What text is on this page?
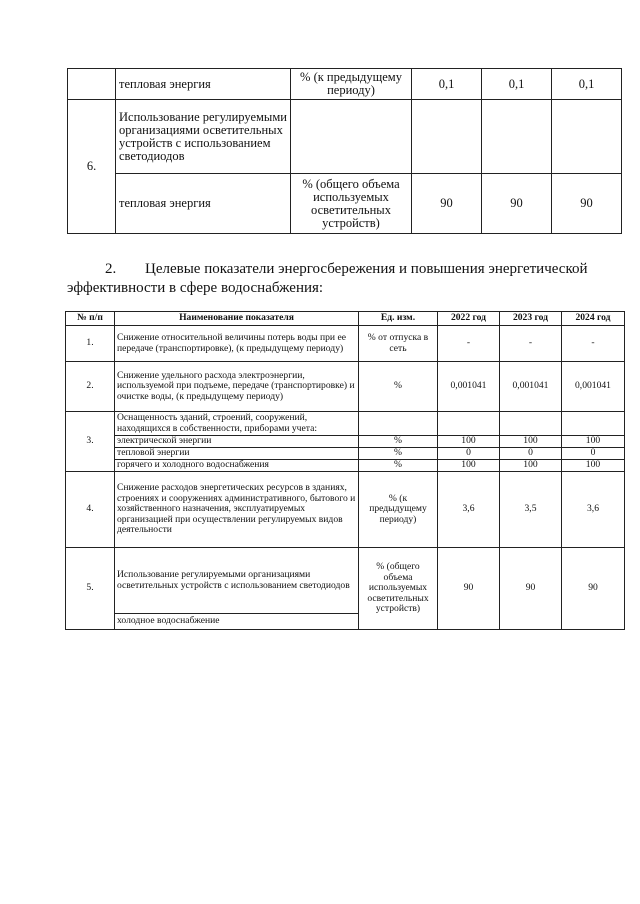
	тепловая энергия	% (к предыдущему периоду)	0,1	0,1	0,1
6.	Использование регулируемыми организациями осветительных устройств с использованием светодиодов				
	тепловая энергия	% (общего объема используемых осветительных устройств)	90	90	90
2. Целевые показатели энергосбережения и повышения энергетической эффективности в сфере водоснабжения:
№ п/п	Наименование показателя	Ед. изм.	2022 год	2023 год	2024 год
1.	Снижение относительной величины потерь воды при ее передаче (транспортировке), (к предыдущему периоду)	% от отпуска в сеть	-	-	-
2.	Снижение удельного расхода электроэнергии, используемой при подъеме, передаче (транспортировке) и очистке воды, (к предыдущему периоду)	%	0,001041	0,001041	0,001041
3.	Оснащенность зданий, строений, сооружений, находящихся в собственности, приборами учета:				
	электрической энергии	%	100	100	100
	тепловой энергии	%	0	0	0
	горячего и холодного водоснабжения	%	100	100	100
4.	Снижение расходов энергетических ресурсов в зданиях, строениях и сооружениях административного, бытового и хозяйственного назначения, эксплуатируемых организацией при осуществлении регулируемых видов деятельности	% (к предыдущему периоду)	3,6	3,5	3,6
5.	Использование регулируемыми организациями осветительных устройств с использованием светодиодов	% (общего объема используемых осветительных устройств)	90	90	90
	холодное водоснабжение				
